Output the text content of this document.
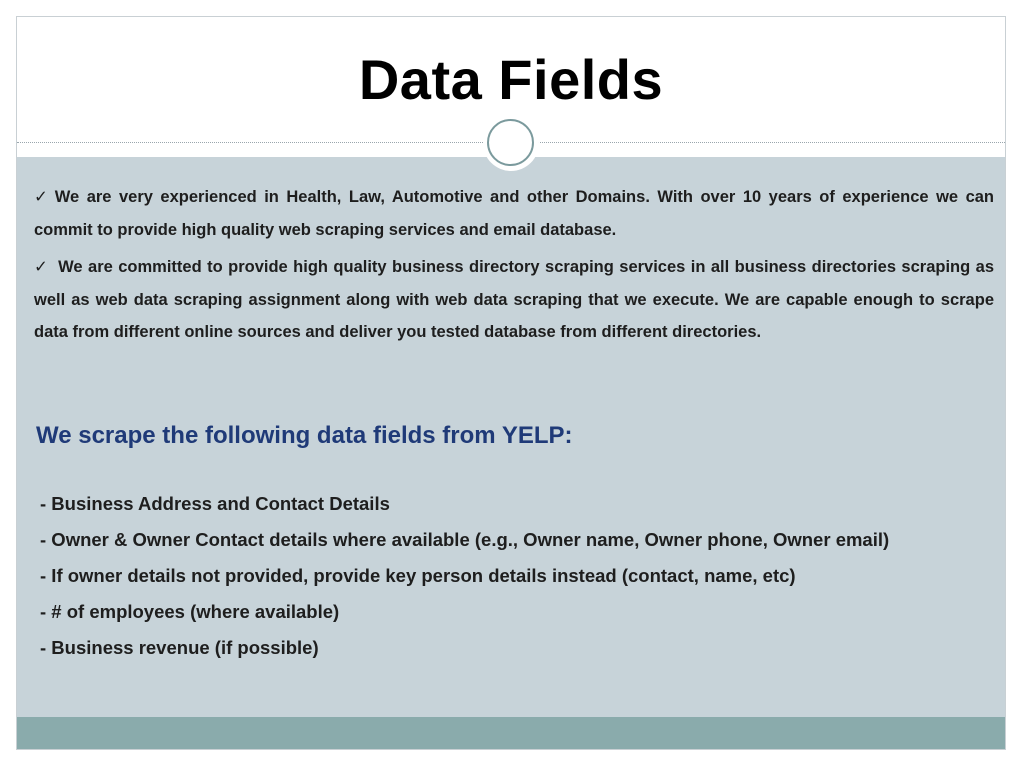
Data Fields
✓ We are very experienced in Health, Law, Automotive and other Domains. With over 10 years of experience we can commit to provide high quality web scraping services and email database.
✓ We are committed to provide high quality business directory scraping services in all business directories scraping as well as web data scraping assignment along with web data scraping that we execute. We are capable enough to scrape data from different online sources and deliver you tested database from different directories.
We scrape the following data fields from YELP:
- Business Address and Contact Details
- Owner & Owner Contact details where available (e.g., Owner name, Owner phone, Owner email)
- If owner details not provided, provide key person details instead (contact, name, etc)
- # of employees (where available)
- Business revenue (if possible)
